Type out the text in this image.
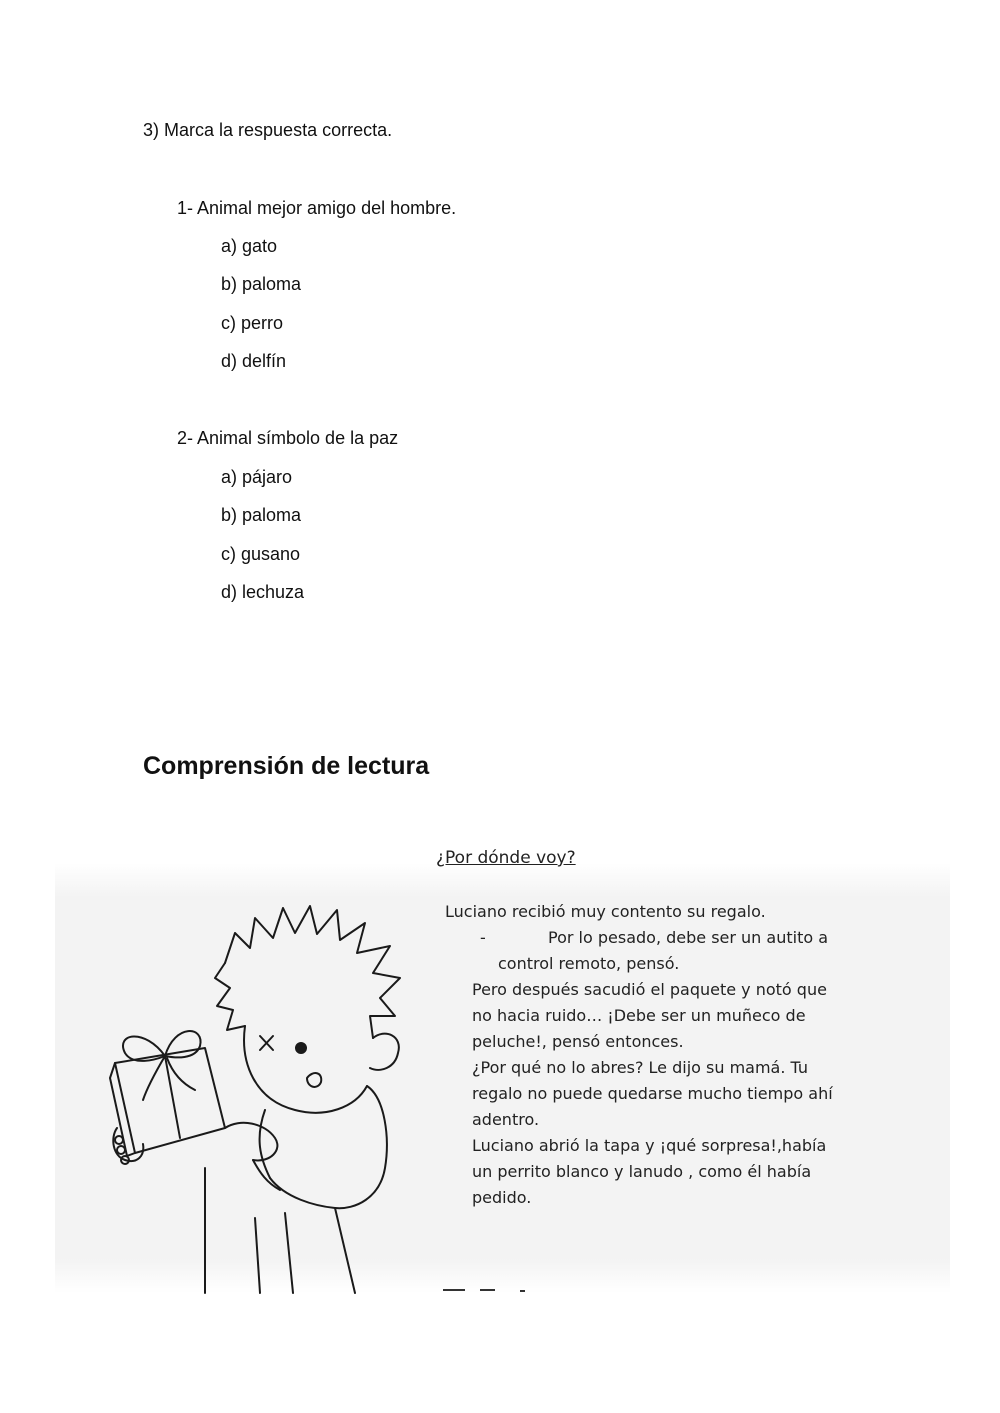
3) Marca la respuesta correcta.
1- Animal mejor amigo del hombre.
a) gato
b) paloma
c) perro
d) delfín
2- Animal símbolo de la paz
a) pájaro
b) paloma
c) gusano
d) lechuza
Comprensión de lectura
¿Por dónde voy?
Luciano recibió muy contento su regalo.
-	Por lo pesado, debe ser un autito a
control remoto, pensó.
Pero después sacudió el paquete y notó que
no hacia ruido… ¡Debe ser un muñeco de
peluche!, pensó entonces.
¿Por qué no lo abres? Le dijo su mamá. Tu
regalo no puede quedarse mucho tiempo ahí
adentro.
Luciano abrió la tapa y ¡qué sorpresa!,había
un perrito blanco y lanudo , como él había
pedido.
